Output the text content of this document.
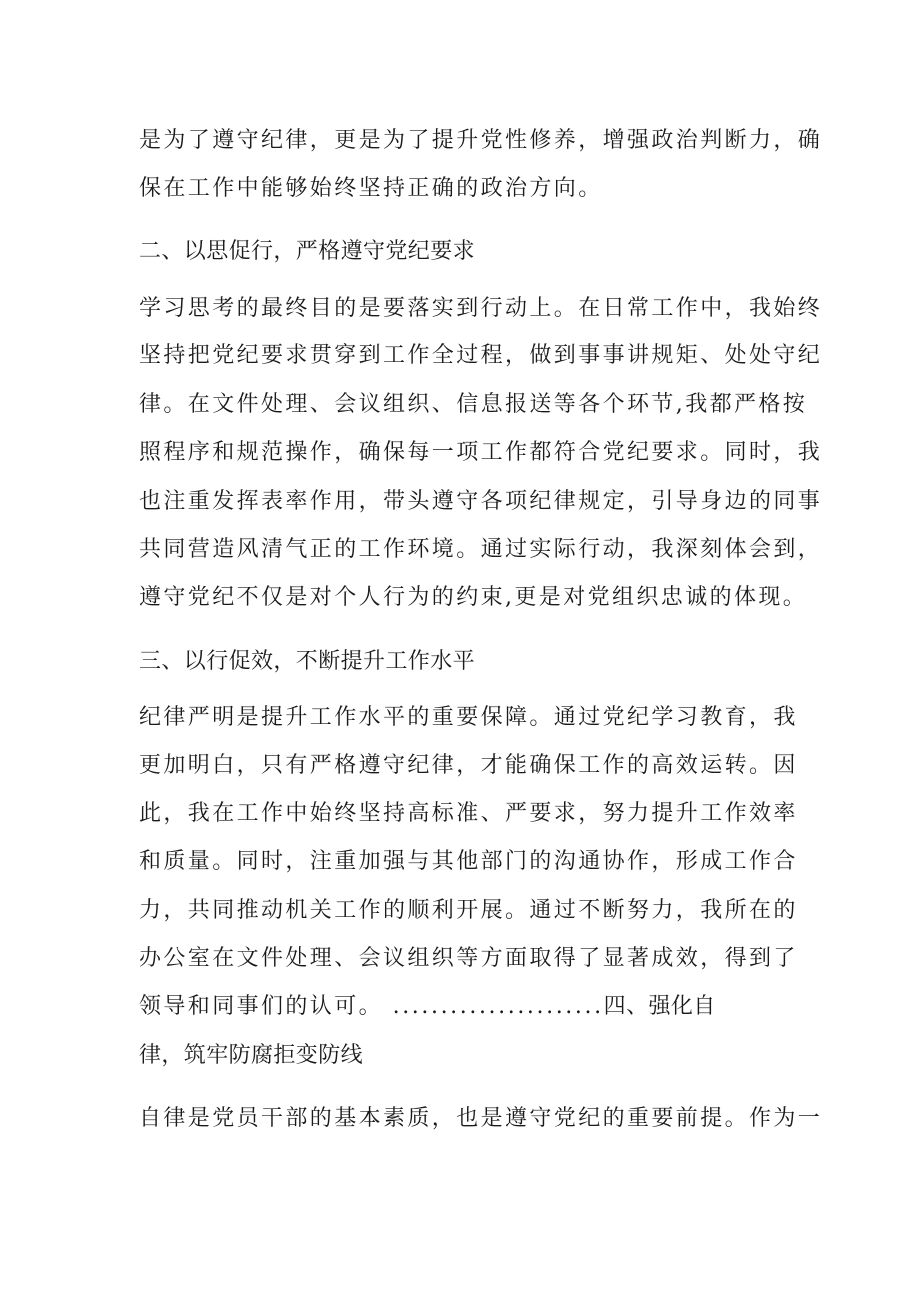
是为了遵守纪律，更是为了提升党性修养，增强政治判断力，确
保在工作中能够始终坚持正确的政治方向。
二、以思促行，严格遵守党纪要求
学习思考的最终目的是要落实到行动上。在日常工作中，我始终
坚持把党纪要求贯穿到工作全过程，做到事事讲规矩、处处守纪
律。在文件处理、会议组织、信息报送等各个环节,我都严格按
照程序和规范操作，确保每一项工作都符合党纪要求。同时，我
也注重发挥表率作用，带头遵守各项纪律规定，引导身边的同事
共同营造风清气正的工作环境。通过实际行动，我深刻体会到，
遵守党纪不仅是对个人行为的约束,更是对党组织忠诚的体现。
三、以行促效，不断提升工作水平
纪律严明是提升工作水平的重要保障。通过党纪学习教育，我
更加明白，只有严格遵守纪律，才能确保工作的高效运转。因
此，我在工作中始终坚持高标准、严要求，努力提升工作效率
和质量。同时，注重加强与其他部门的沟通协作，形成工作合
力，共同推动机关工作的顺利开展。通过不断努力，我所在的
办公室在文件处理、会议组织等方面取得了显著成效，得到了
领导和同事们的认可。 ......................四、强化自
律，筑牢防腐拒变防线
自律是党员干部的基本素质，也是遵守党纪的重要前提。作为一
